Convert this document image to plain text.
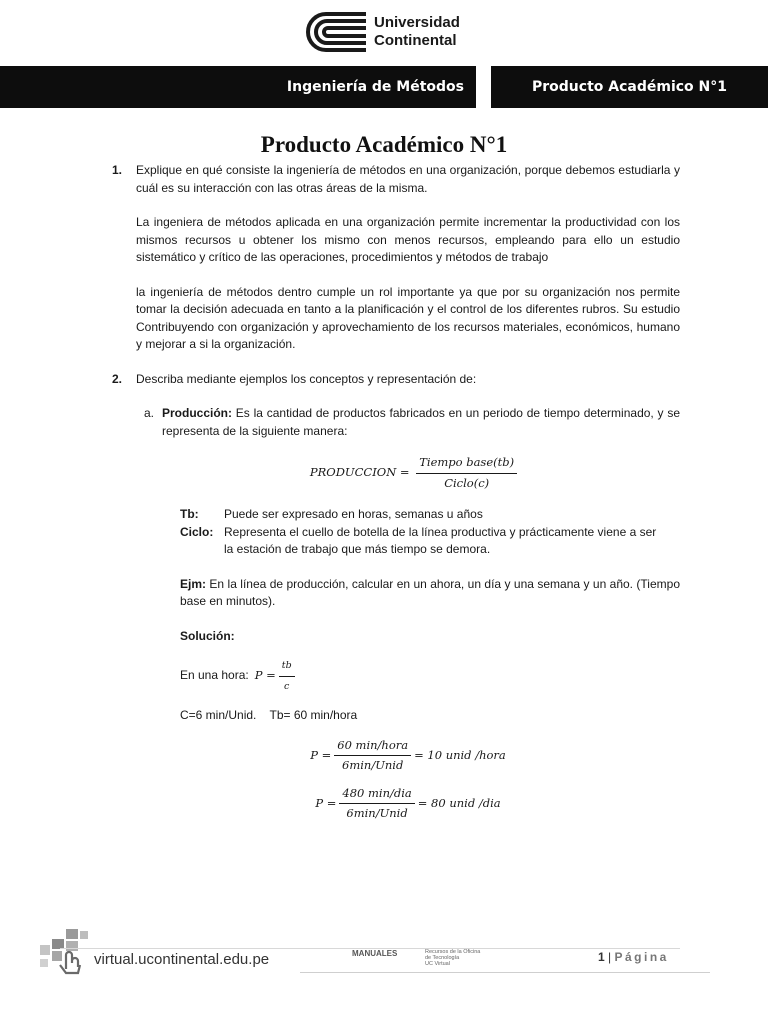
Universidad
Continental
Ingeniería de Métodos	Producto Académico N°1
Producto Académico N°1
1. Explique en qué consiste la ingeniería de métodos en una organización, porque debemos estudiarla y cuál es su interacción con las otras áreas de la misma.

La ingeniera de métodos aplicada en una organización permite incrementar la productividad con los mismos recursos u obtener los mismo con menos recursos, empleando para ello un estudio sistemático y crítico de las operaciones, procedimientos y métodos de trabajo

la ingeniería de métodos dentro cumple un rol importante ya que por su organización nos permite tomar la decisión adecuada en tanto a la planificación y el control de los diferentes rubros. Su estudio Contribuyendo con organización y aprovechamiento de los recursos materiales, económicos, humano y mejorar a si la organización.

2. Describa mediante ejemplos los conceptos y representación de:

a. Producción: Es la cantidad de productos fabricados en un periodo de tiempo determinado, y se representa de la siguiente manera:

PRODUCCION = $\frac{\text{Tiempo base(tb)}}{\text{Ciclo(c)}}$
Tb:	Puede ser expresado en horas, semanas u años
Ciclo: Representa el cuello de botella de la línea productiva y prácticamente viene a ser
la estación de trabajo que más tiempo se demora.

Ejm: En la línea de producción, calcular en un ahora, un día y una semana y un año. (Tiempo base en minutos).

Solución:

En una hora: $P = \frac{tb}{c}$

C=6 min/Unid.    Tb= 60 min/hora

$P = \frac{\text{60 min/hora}}{\text{6min/Unid}} = 10$ unid /hora
$P = \frac{\text{480 min/dia}}{\text{6min/Unid}} = 80$ unid /dia
virtual.ucontinental.edu.pe	MANUALES	Recursos de la Oficina
de Tecnología
UC Virtual	1 | Página
